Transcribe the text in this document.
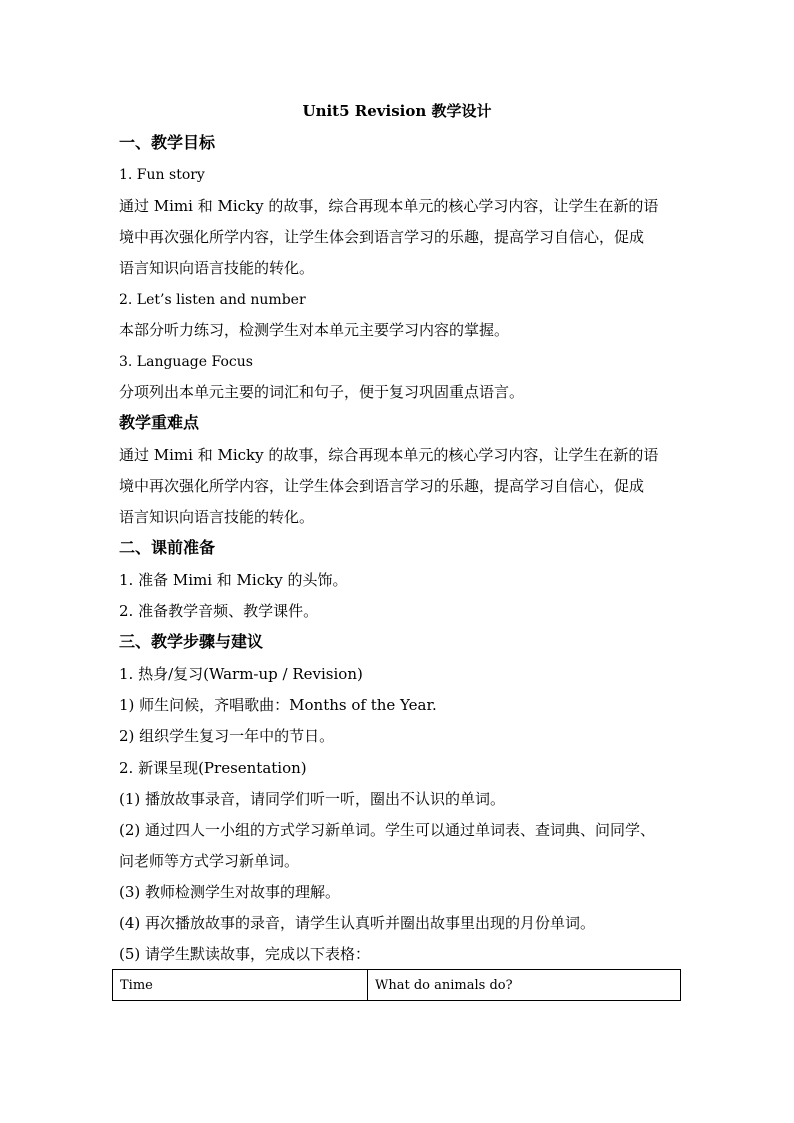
Unit5 Revision 教学设计
一、教学目标
1. Fun story
通过 Mimi 和 Micky 的故事，综合再现本单元的核心学习内容，让学生在新的语
境中再次强化所学内容，让学生体会到语言学习的乐趣，提高学习自信心，促成
语言知识向语言技能的转化。
2. Let’s listen and number
本部分听力练习，检测学生对本单元主要学习内容的掌握。
3. Language Focus
分项列出本单元主要的词汇和句子，便于复习巩固重点语言。
教学重难点
通过 Mimi 和 Micky 的故事，综合再现本单元的核心学习内容，让学生在新的语
境中再次强化所学内容，让学生体会到语言学习的乐趣，提高学习自信心，促成
语言知识向语言技能的转化。
二、课前准备
1. 准备 Mimi 和 Micky 的头饰。
2. 准备教学音频、教学课件。
三、教学步骤与建议
1. 热身/复习(Warm-up / Revision)
1) 师生问候，齐唱歌曲：Months of the Year.
2) 组织学生复习一年中的节日。
2. 新课呈现(Presentation)
(1) 播放故事录音，请同学们听一听，圈出不认识的单词。
(2) 通过四人一小组的方式学习新单词。学生可以通过单词表、查词典、问同学、
问老师等方式学习新单词。
(3) 教师检测学生对故事的理解。
(4) 再次播放故事的录音，请学生认真听并圈出故事里出现的月份单词。
(5) 请学生默读故事，完成以下表格：
Time	What do animals do?
